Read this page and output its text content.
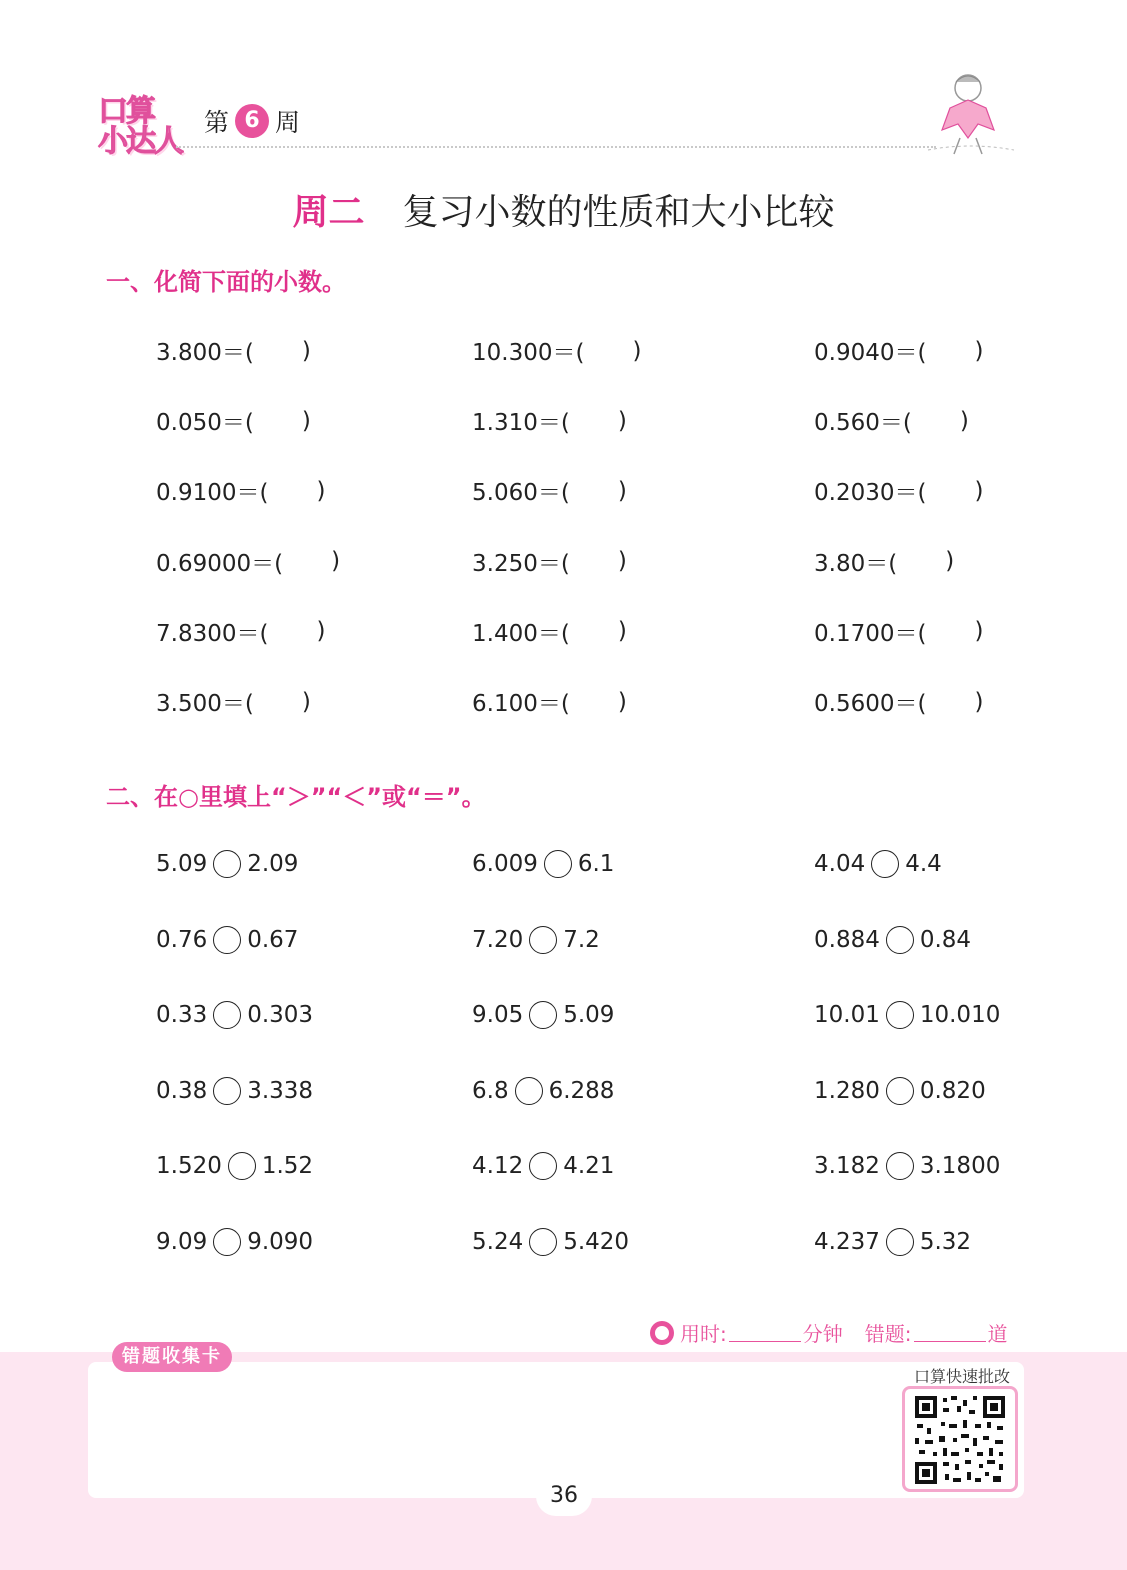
口算
小达人
第 6 周
周二 复习小数的性质和大小比较
一、化简下面的小数。
3.800＝( )	10.300＝( )	0.9040＝( )
0.050＝( )	1.310＝( )	0.560＝( )
0.9100＝( )	5.060＝( )	0.2030＝( )
0.69000＝( )	3.250＝( )	3.80＝( )
7.8300＝( )	1.400＝( )	0.1700＝( )
3.500＝( )	6.100＝( )	0.5600＝( )
二、在○里填上“＞”“＜”或“＝”。
5.09 2.09	6.009 6.1	4.04 4.4
0.76 0.67	7.20 7.2	0.884 0.84
0.33 0.303	9.05 5.09	10.01 10.010
0.38 3.338	6.8 6.288	1.280 0.820
1.520 1.52	4.12 4.21	3.182 3.1800
9.09 9.090	5.24 5.420	4.237 5.32
用时:	分钟 错题:	道
错题收集卡
口算快速批改
36
